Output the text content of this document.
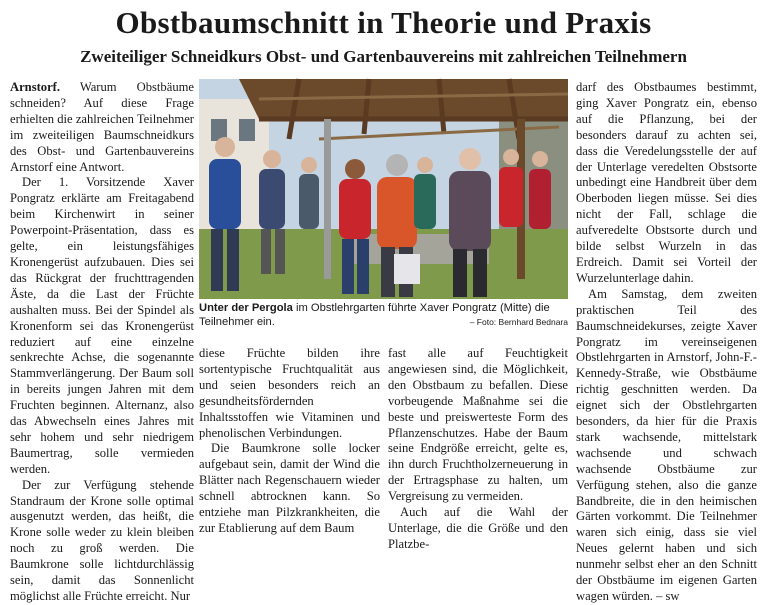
Obstbaumschnitt in Theorie und Praxis
Zweiteiliger Schneidkurs Obst- und Gartenbauvereins mit zahlreichen Teilnehmern

Arnstorf. Warum Obstbäume schneiden? Auf diese Frage erhielten die zahlreichen Teilnehmer im zweiteiligen Baumschneidkurs des Obst- und Gartenbauvereins Arnstorf eine Antwort.

Der 1. Vorsitzende Xaver Pongratz erklärte am Freitagabend beim Kirchenwirt in seiner Powerpoint-Präsentation, dass es gelte, ein leistungsfähiges Kronengerüst aufzubauen. Dies sei das Rückgrat der fruchttragenden Äste, da die Last der Früchte aushalten muss. Bei der Spindel als Kronenform sei das Kronengerüst reduziert auf eine einzelne senkrechte Achse, die sogenannte Stammverlängerung. Der Baum soll in bereits jungen Jahren mit dem Fruchten beginnen. Alternanz, also das Abwechseln eines Jahres mit sehr hohem und sehr niedrigem Baumertrag, solle vermieden werden.

Der zur Verfügung stehende Standraum der Krone solle optimal ausgenutzt werden, das heißt, die Krone solle weder zu klein bleiben noch zu groß werden. Die Baumkrone solle lichtdurchlässig sein, damit das Sonnenlicht möglichst alle Früchte erreicht. Nur

Unter der Pergola im Obstlehrgarten führte Xaver Pongratz (Mitte) die Teilnehmer ein.	– Foto: Bernhard Bednara

diese Früchte bilden ihre sortentypische Fruchtqualität aus und seien besonders reich an gesundheitsfördernden Inhaltsstoffen wie Vitaminen und phenolischen Verbindungen.

Die Baumkrone solle locker aufgebaut sein, damit der Wind die Blätter nach Regenschauern wieder schnell abtrocknen kann. So entziehe man Pilzkrankheiten, die zur Etablierung auf dem Baum

fast alle auf Feuchtigkeit angewiesen sind, die Möglichkeit, den Obstbaum zu befallen. Diese vorbeugende Maßnahme sei die beste und preiswerteste Form des Pflanzenschutzes. Habe der Baum seine Endgröße erreicht, gelte es, ihn durch Fruchtholzerneuerung in der Ertragsphase zu halten, um Vergreisung zu vermeiden.

Auch auf die Wahl der Unterlage, die die Größe und den Platzbe-

darf des Obstbaumes bestimmt, ging Xaver Pongratz ein, ebenso auf die Pflanzung, bei der besonders darauf zu achten sei, dass die Veredelungsstelle der auf der Unterlage veredelten Obstsorte unbedingt eine Handbreit über dem Oberboden liegen müsse. Sei dies nicht der Fall, schlage die aufveredelte Obstsorte durch und bilde selbst Wurzeln in das Erdreich. Damit sei Vorteil der Wurzelunterlage dahin.

Am Samstag, dem zweiten praktischen Teil des Baumschneidekurses, zeigte Xaver Pongratz im vereinseigenen Obstlehrgarten in Arnstorf, John-F.-Kennedy-Straße, wie Obstbäume richtig geschnitten werden. Da eignet sich der Obstlehrgarten besonders, da hier für die Praxis stark wachsende, mittelstark wachsende und schwach wachsende Obstbäume zur Verfügung stehen, also die ganze Bandbreite, die in den heimischen Gärten vorkommt. Die Teilnehmer waren sich einig, dass sie viel Neues gelernt haben und sich nunmehr selbst eher an den Schnitt der Obstbäume im eigenen Garten wagen würden. – sw
